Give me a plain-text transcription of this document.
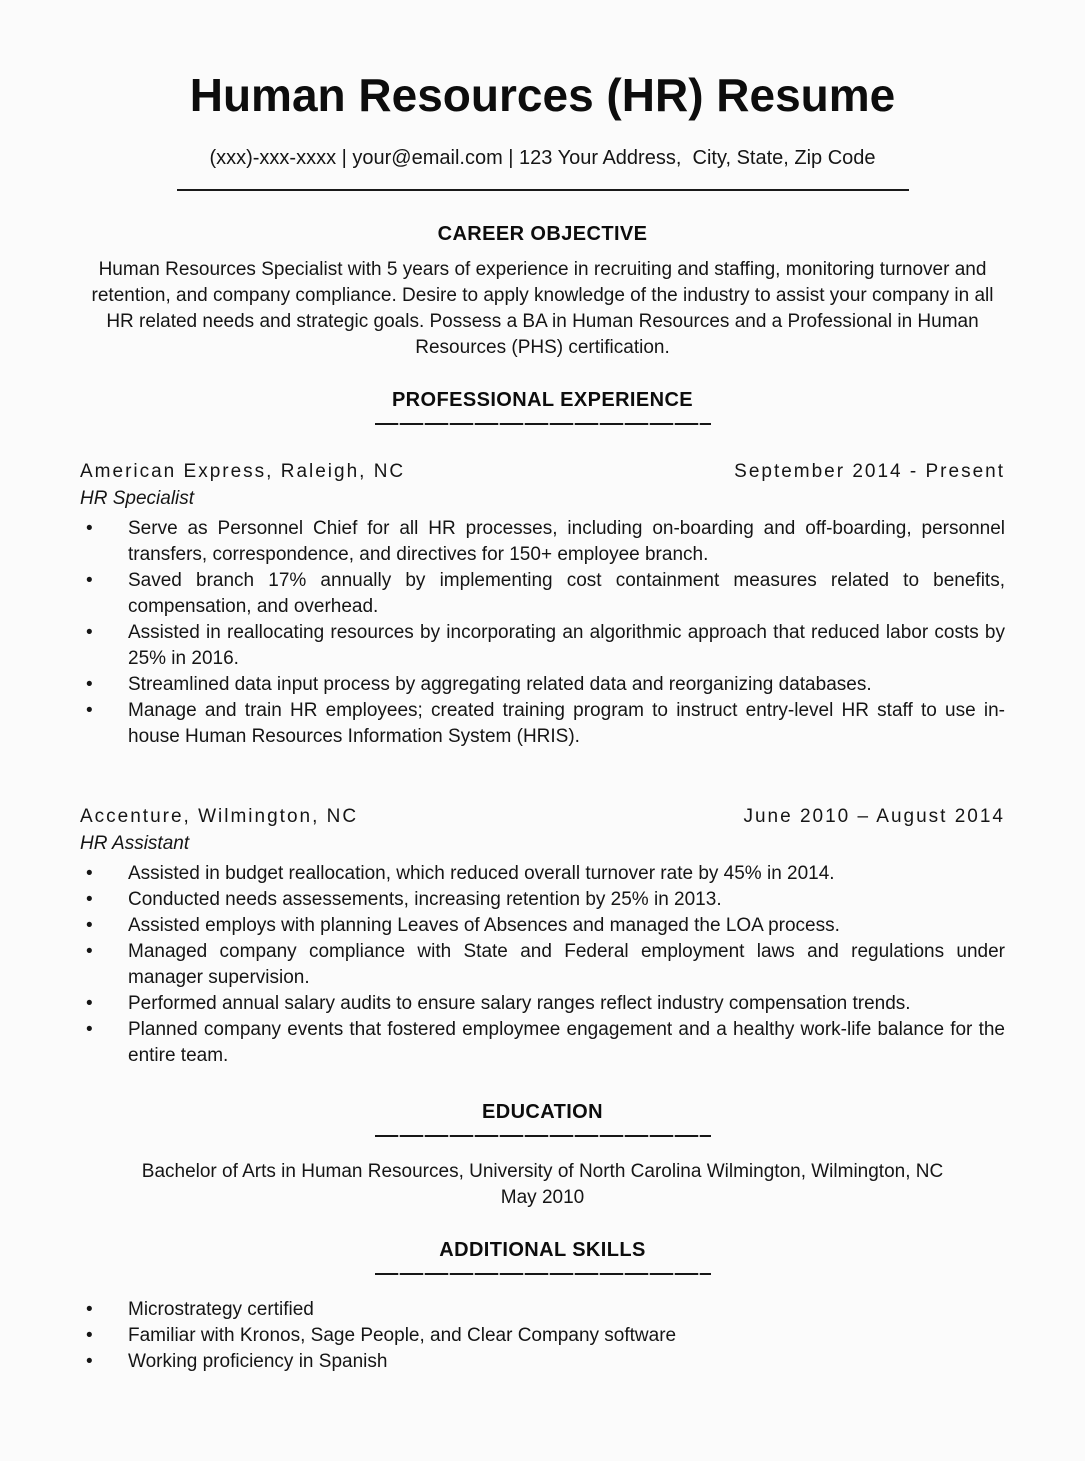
Human Resources (HR) Resume
(xxx)-xxx-xxxx | your@email.com | 123 Your Address,  City, State, Zip Code
CAREER OBJECTIVE

Human Resources Specialist with 5 years of experience in recruiting and staffing, monitoring turnover and retention, and company compliance. Desire to apply knowledge of the industry to assist your company in all HR related needs and strategic goals. Possess a BA in Human Resources and a Professional in Human Resources (PHS) certification.

PROFESSIONAL EXPERIENCE
American Express, Raleigh, NC	September 2014 - Present
HR Specialist
• Serve as Personnel Chief for all HR processes, including on-boarding and off-boarding, personnel transfers, correspondence, and directives for 150+ employee branch.
• Saved branch 17% annually by implementing cost containment measures related to benefits, compensation, and overhead.
• Assisted in reallocating resources by incorporating an algorithmic approach that reduced labor costs by 25% in 2016.
• Streamlined data input process by aggregating related data and reorganizing databases.
• Manage and train HR employees; created training program to instruct entry-level HR staff to use in-house Human Resources Information System (HRIS).
Accenture, Wilmington, NC	June 2010 – August 2014
HR Assistant
• Assisted in budget reallocation, which reduced overall turnover rate by 45% in 2014.
• Conducted needs assessements, increasing retention by 25% in 2013.
• Assisted employs with planning Leaves of Absences and managed the LOA process.
• Managed company compliance with State and Federal employment laws and regulations under manager supervision.
• Performed annual salary audits to ensure salary ranges reflect industry compensation trends.
• Planned company events that fostered employmee engagement and a healthy work-life balance for the entire team.
EDUCATION

Bachelor of Arts in Human Resources, University of North Carolina Wilmington, Wilmington, NC

May 2010

ADDITIONAL SKILLS
• Microstrategy certified
• Familiar with Kronos, Sage People, and Clear Company software
• Working proficiency in Spanish
